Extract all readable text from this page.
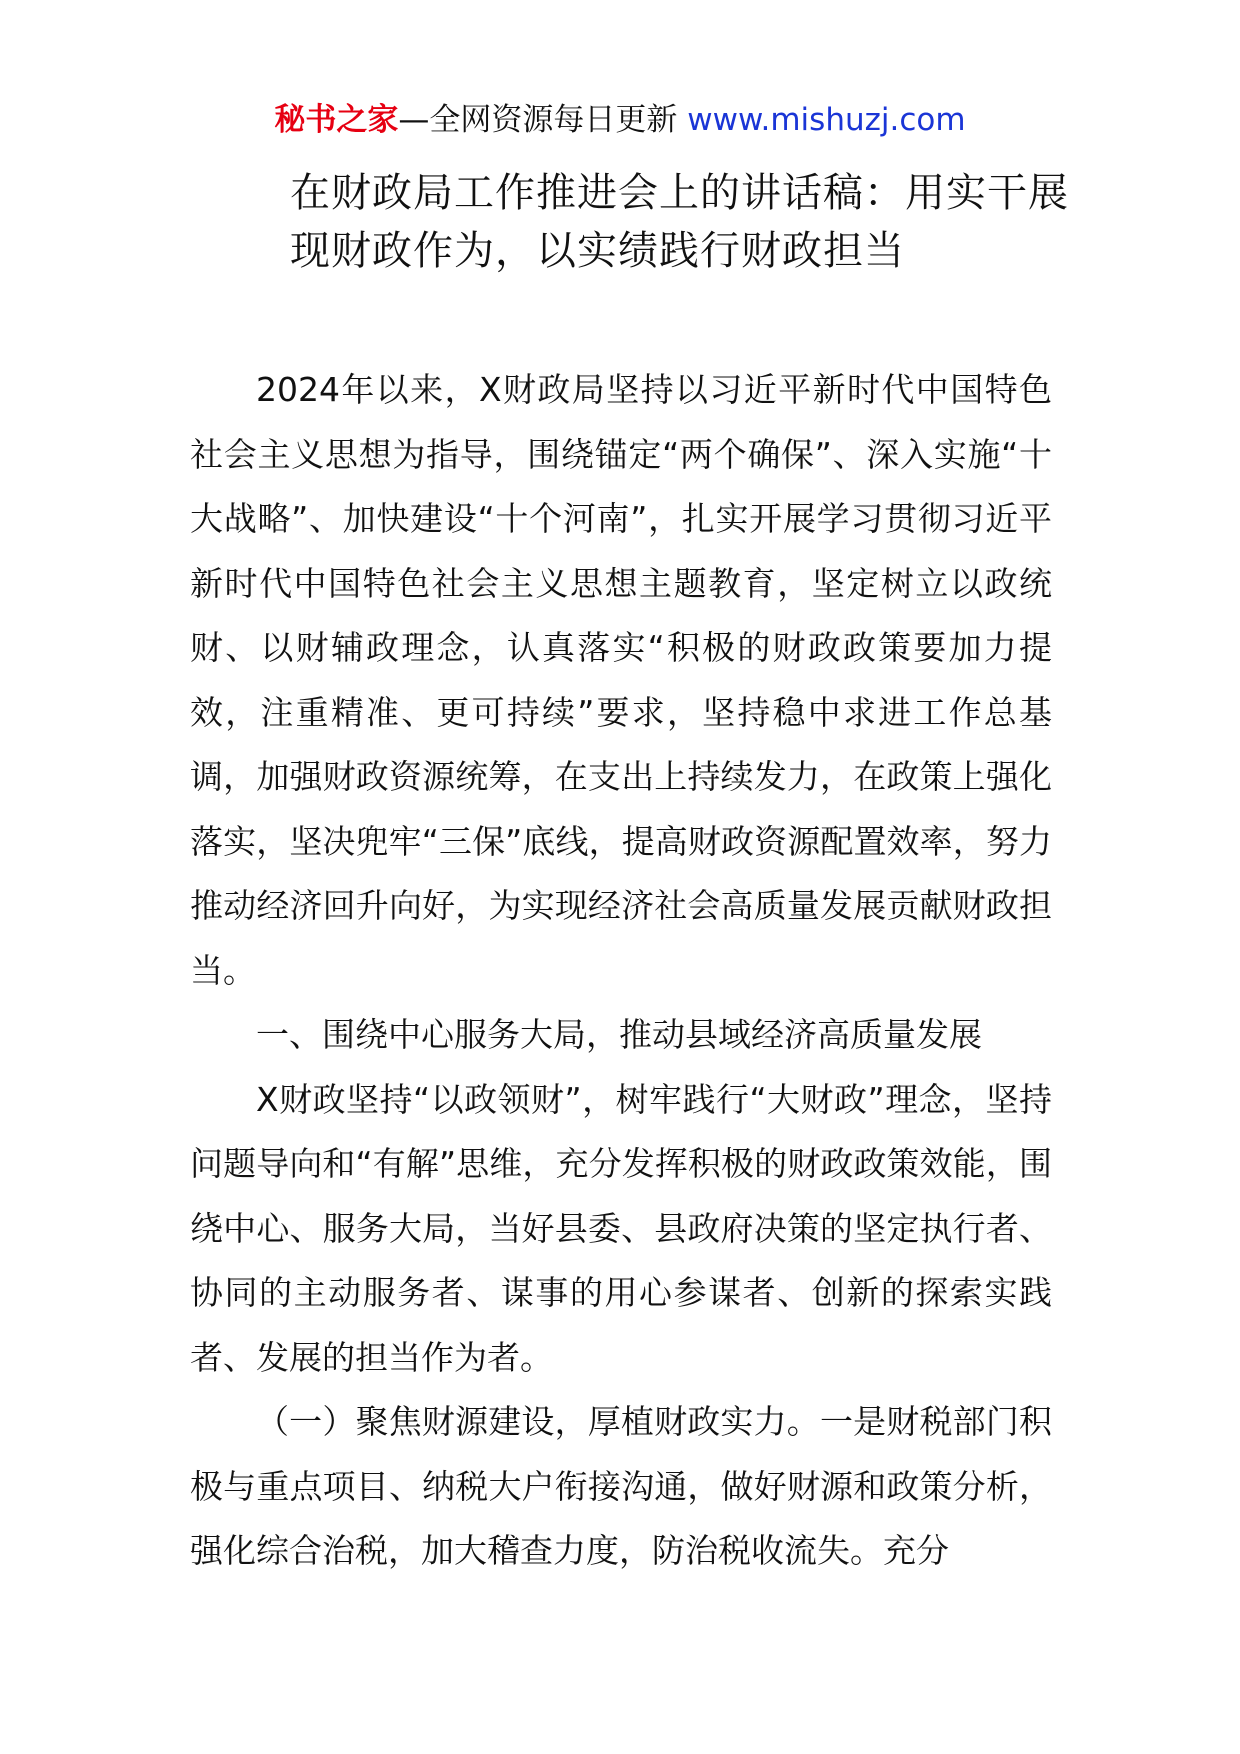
秘书之家—全网资源每日更新 www.mishuzj.com
在财政局工作推进会上的讲话稿：用实干展现财政作为，以实绩践行财政担当

2024年以来，X财政局坚持以习近平新时代中国特色社会主义思想为指导，围绕锚定“两个确保”、深入实施“十大战略”、加快建设“十个河南”，扎实开展学习贯彻习近平新时代中国特色社会主义思想主题教育，坚定树立以政统财、以财辅政理念，认真落实“积极的财政政策要加力提效，注重精准、更可持续”要求，坚持稳中求进工作总基调，加强财政资源统筹，在支出上持续发力，在政策上强化落实，坚决兜牢“三保”底线，提高财政资源配置效率，努力推动经济回升向好，为实现经济社会高质量发展贡献财政担当。

一、围绕中心服务大局，推动县域经济高质量发展

X财政坚持“以政领财”，树牢践行“大财政”理念，坚持问题导向和“有解”思维，充分发挥积极的财政政策效能，围绕中心、服务大局，当好县委、县政府决策的坚定执行者、协同的主动服务者、谋事的用心参谋者、创新的探索实践者、发展的担当作为者。

（一）聚焦财源建设，厚植财政实力。一是财税部门积极与重点项目、纳税大户衔接沟通，做好财源和政策分析，强化综合治税，加大稽查力度，防治税收流失。充分
